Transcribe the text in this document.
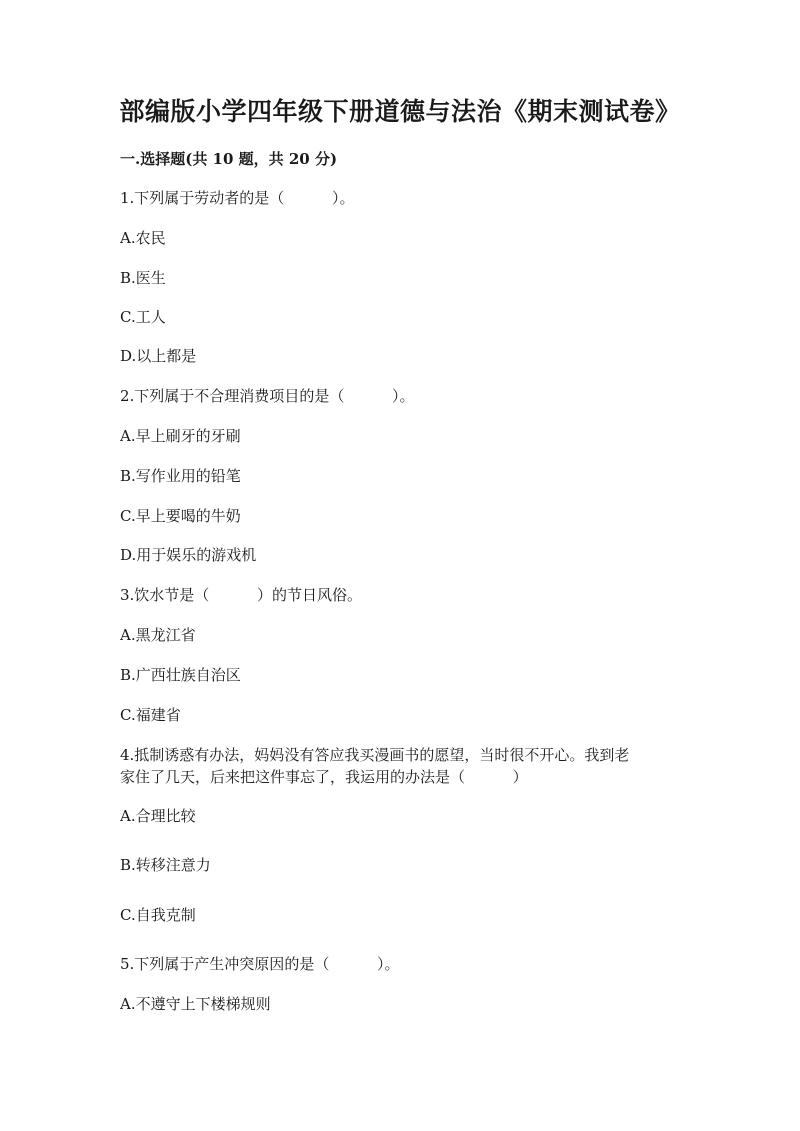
部编版小学四年级下册道德与法治《期末测试卷》
一.选择题(共 10 题，共 20 分)
1.下列属于劳动者的是（          ）。
A.农民
B.医生
C.工人
D.以上都是
2.下列属于不合理消费项目的是（          ）。
A.早上刷牙的牙刷
B.写作业用的铅笔
C.早上要喝的牛奶
D.用于娱乐的游戏机
3.饮水节是（          ）的节日风俗。
A.黑龙江省
B.广西壮族自治区
C.福建省
4.抵制诱惑有办法，妈妈没有答应我买漫画书的愿望，当时很不开心。我到老
家住了几天，后来把这件事忘了，我运用的办法是（          ）
A.合理比较
B.转移注意力
C.自我克制
5.下列属于产生冲突原因的是（          ）。
A.不遵守上下楼梯规则
